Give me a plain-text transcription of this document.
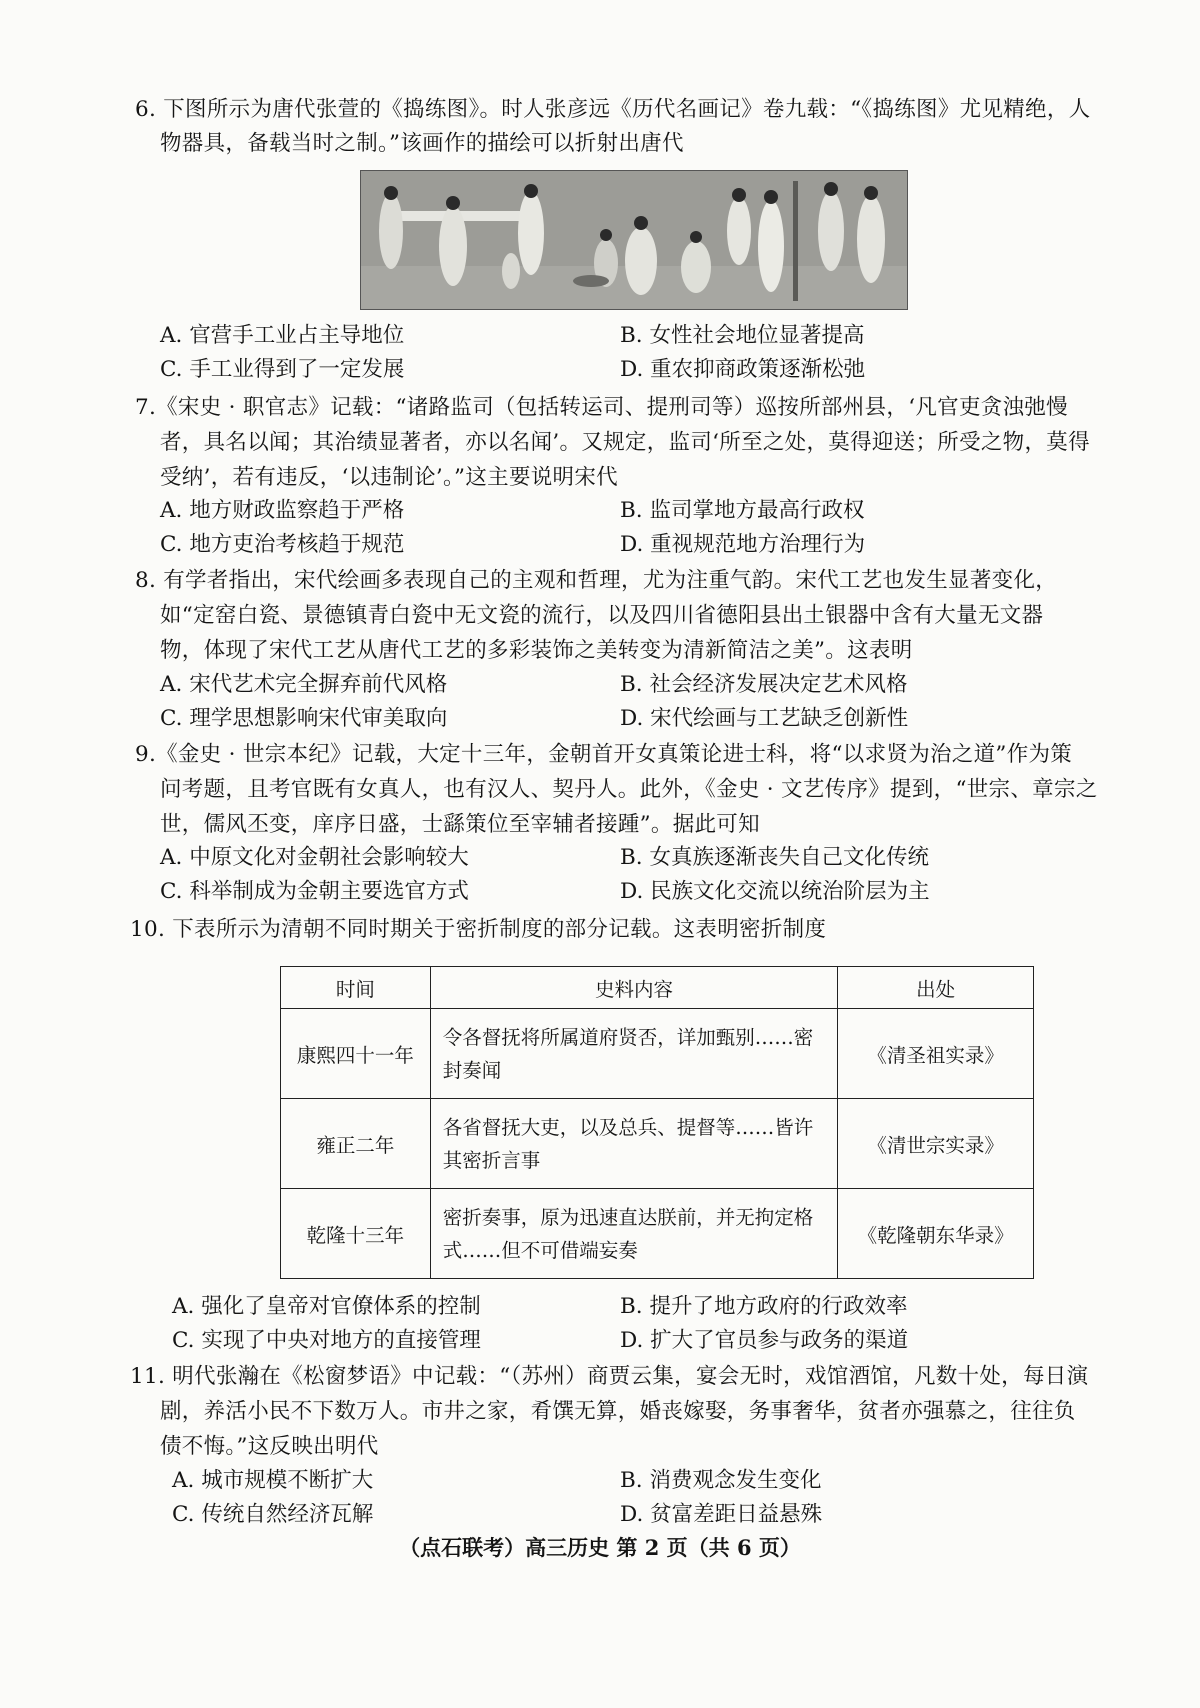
6. 下图所示为唐代张萱的《捣练图》。时人张彦远《历代名画记》卷九载：“《捣练图》尤见精绝，人
物器具，备载当时之制。”该画作的描绘可以折射出唐代
A. 官营手工业占主导地位	B. 女性社会地位显著提高
C. 手工业得到了一定发展	D. 重农抑商政策逐渐松弛
7.《宋史 · 职官志》记载：“诸路监司（包括转运司、提刑司等）巡按所部州县，‘凡官吏贪浊弛慢
者，具名以闻；其治绩显著者，亦以名闻’。又规定，监司‘所至之处，莫得迎送；所受之物，莫得
受纳’，若有违反，‘以违制论’。”这主要说明宋代
A. 地方财政监察趋于严格	B. 监司掌地方最高行政权
C. 地方吏治考核趋于规范	D. 重视规范地方治理行为
8. 有学者指出，宋代绘画多表现自己的主观和哲理，尤为注重气韵。宋代工艺也发生显著变化，
如“定窑白瓷、景德镇青白瓷中无文瓷的流行，以及四川省德阳县出土银器中含有大量无文器
物，体现了宋代工艺从唐代工艺的多彩装饰之美转变为清新简洁之美”。这表明
A. 宋代艺术完全摒弃前代风格	B. 社会经济发展决定艺术风格
C. 理学思想影响宋代审美取向	D. 宋代绘画与工艺缺乏创新性
9.《金史 · 世宗本纪》记载，大定十三年，金朝首开女真策论进士科，将“以求贤为治之道”作为策
问考题，且考官既有女真人，也有汉人、契丹人。此外，《金史 · 文艺传序》提到，“世宗、章宗之
世，儒风丕变，庠序日盛，士繇策位至宰辅者接踵”。据此可知
A. 中原文化对金朝社会影响较大	B. 女真族逐渐丧失自己文化传统
C. 科举制成为金朝主要选官方式	D. 民族文化交流以统治阶层为主
10. 下表所示为清朝不同时期关于密折制度的部分记载。这表明密折制度
时间	史料内容	出处
康熙四十一年	令各督抚将所属道府贤否，详加甄别……密封奏闻	《清圣祖实录》
雍正二年	各省督抚大吏，以及总兵、提督等……皆许其密折言事	《清世宗实录》
乾隆十三年	密折奏事，原为迅速直达朕前，并无拘定格式……但不可借端妄奏	《乾隆朝东华录》
A. 强化了皇帝对官僚体系的控制	B. 提升了地方政府的行政效率
C. 实现了中央对地方的直接管理	D. 扩大了官员参与政务的渠道
11. 明代张瀚在《松窗梦语》中记载：“（苏州）商贾云集，宴会无时，戏馆酒馆，凡数十处，每日演
剧，养活小民不下数万人。市井之家，肴馔无算，婚丧嫁娶，务事奢华，贫者亦强慕之，往往负
债不悔。”这反映出明代
A. 城市规模不断扩大	B. 消费观念发生变化
C. 传统自然经济瓦解	D. 贫富差距日益悬殊
（点石联考）高三历史 第 2 页（共 6 页）
